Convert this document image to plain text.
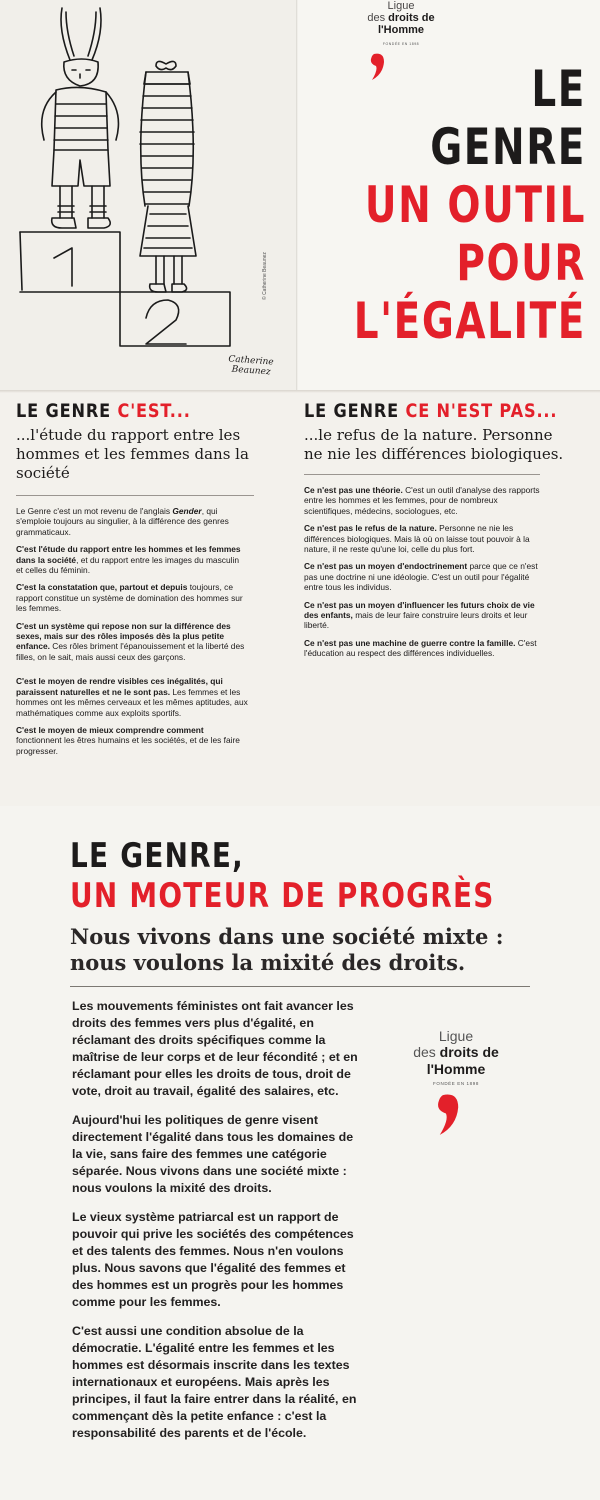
Catherine
Beaunez
© Catherine Beaunez
Ligue
des droits de
l'Homme
FONDÉE EN 1898
LE
GENRE
UN OUTIL
POUR
L'ÉGALITÉ
LE GENRE C'EST...
...l'étude du rapport entre les hommes et les femmes dans la société

Le Genre c'est un mot revenu de l'anglais Gender, qui s'emploie toujours au singulier, à la différence des genres grammaticaux.

C'est l'étude du rapport entre les hommes et les femmes dans la société, et du rapport entre les images du masculin et celles du féminin.

C'est la constatation que, partout et depuis toujours, ce rapport constitue un système de domination des hommes sur les femmes.

C'est un système qui repose non sur la différence des sexes, mais sur des rôles imposés dès la plus petite enfance. Ces rôles briment l'épanouissement et la liberté des filles, on le sait, mais aussi ceux des garçons.

C'est le moyen de rendre visibles ces inégalités, qui paraissent naturelles et ne le sont pas. Les femmes et les hommes ont les mêmes cerveaux et les mêmes aptitudes, aux mathématiques comme aux exploits sportifs.

C'est le moyen de mieux comprendre comment fonctionnent les êtres humains et les sociétés, et de les faire progresser.

LE GENRE CE N'EST PAS...
...le refus de la nature. Personne ne nie les différences biologiques.

Ce n'est pas une théorie. C'est un outil d'analyse des rapports entre les hommes et les femmes, pour de nombreux scientifiques, médecins, sociologues, etc.

Ce n'est pas le refus de la nature. Personne ne nie les différences biologiques. Mais là où on laisse tout pouvoir à la nature, il ne reste qu'une loi, celle du plus fort.

Ce n'est pas un moyen d'endoctrinement parce que ce n'est pas une doctrine ni une idéologie. C'est un outil pour l'égalité entre tous les individus.

Ce n'est pas un moyen d'influencer les futurs choix de vie des enfants, mais de leur faire construire leurs droits et leur liberté.

Ce n'est pas une machine de guerre contre la famille. C'est l'éducation au respect des différences individuelles.

LE GENRE,
UN MOTEUR DE PROGRÈS
Nous vivons dans une société mixte : nous voulons la mixité des droits.

Les mouvements féministes ont fait avancer les droits des femmes vers plus d'égalité, en réclamant des droits spécifiques comme la maîtrise de leur corps et de leur fécondité ; et en réclamant pour elles les droits de tous, droit de vote, droit au travail, égalité des salaires, etc.

Aujourd'hui les politiques de genre visent directement l'égalité dans tous les domaines de la vie, sans faire des femmes une catégorie séparée. Nous vivons dans une société mixte : nous voulons la mixité des droits.

Le vieux système patriarcal est un rapport de pouvoir qui prive les sociétés des compétences et des talents des femmes. Nous n'en voulons plus. Nous savons que l'égalité des femmes et des hommes est un progrès pour les hommes comme pour les femmes.

C'est aussi une condition absolue de la démocratie. L'égalité entre les femmes et les hommes est désormais inscrite dans les textes internationaux et européens. Mais après les principes, il faut la faire entrer dans la réalité, en commençant dès la petite enfance : c'est la responsabilité des parents et de l'école.

Ligue
des droits de
l'Homme
FONDÉE EN 1898
